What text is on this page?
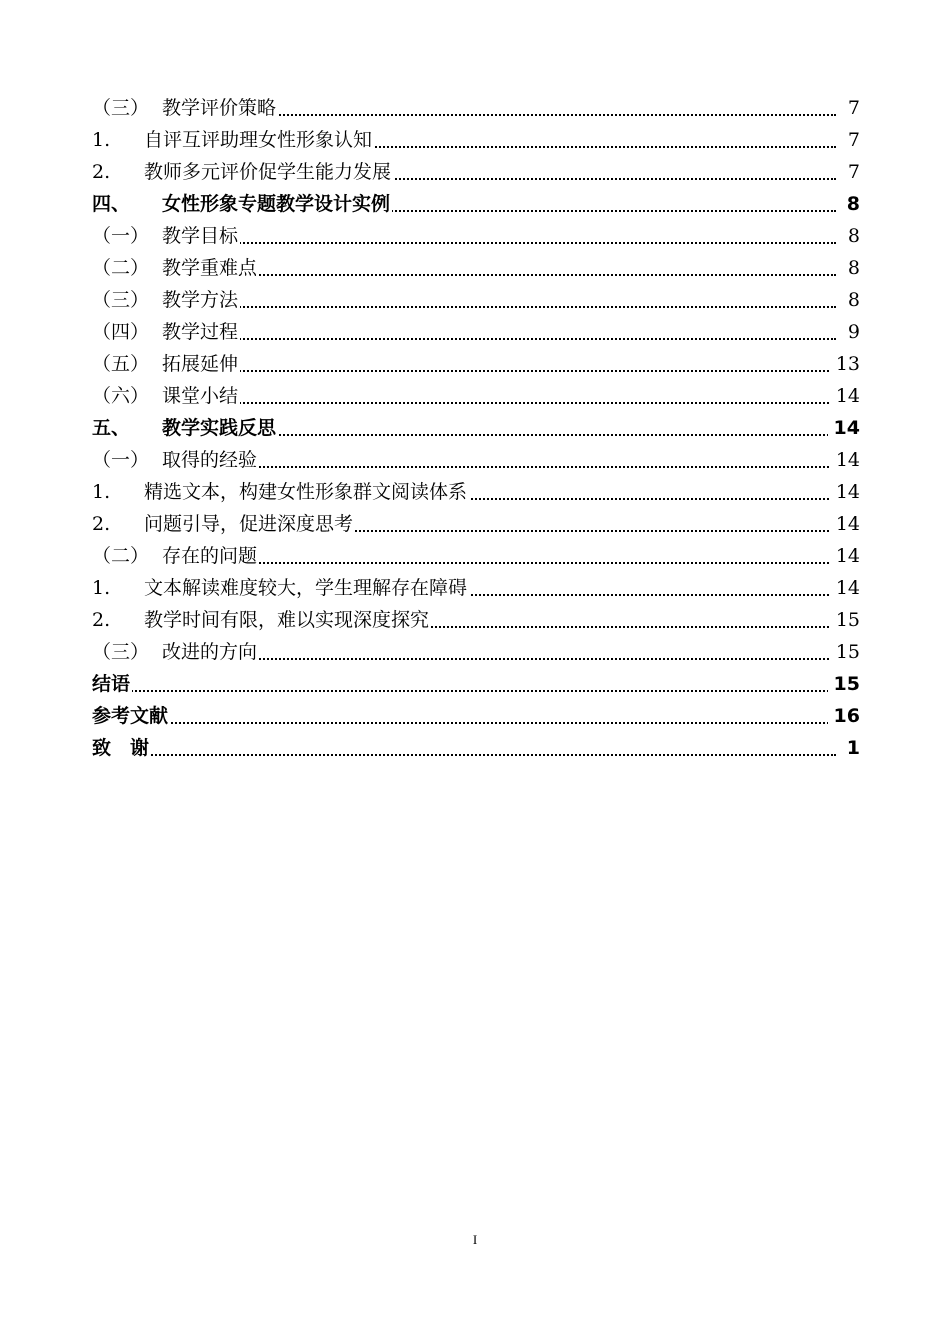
（三） 教学评价策略	7
1. 自评互评助理女性形象认知	7
2. 教师多元评价促学生能力发展	7
四、 女性形象专题教学设计实例	8
（一） 教学目标	8
（二） 教学重难点	8
（三） 教学方法	8
（四） 教学过程	9
（五） 拓展延伸	13
（六） 课堂小结	14
五、 教学实践反思	14
（一） 取得的经验	14
1. 精选文本，构建女性形象群文阅读体系	14
2. 问题引导，促进深度思考	14
（二） 存在的问题	14
1. 文本解读难度较大，学生理解存在障碍	14
2. 教学时间有限，难以实现深度探究	15
（三） 改进的方向	15
结语	15
参考文献	16
致　谢	1
I
